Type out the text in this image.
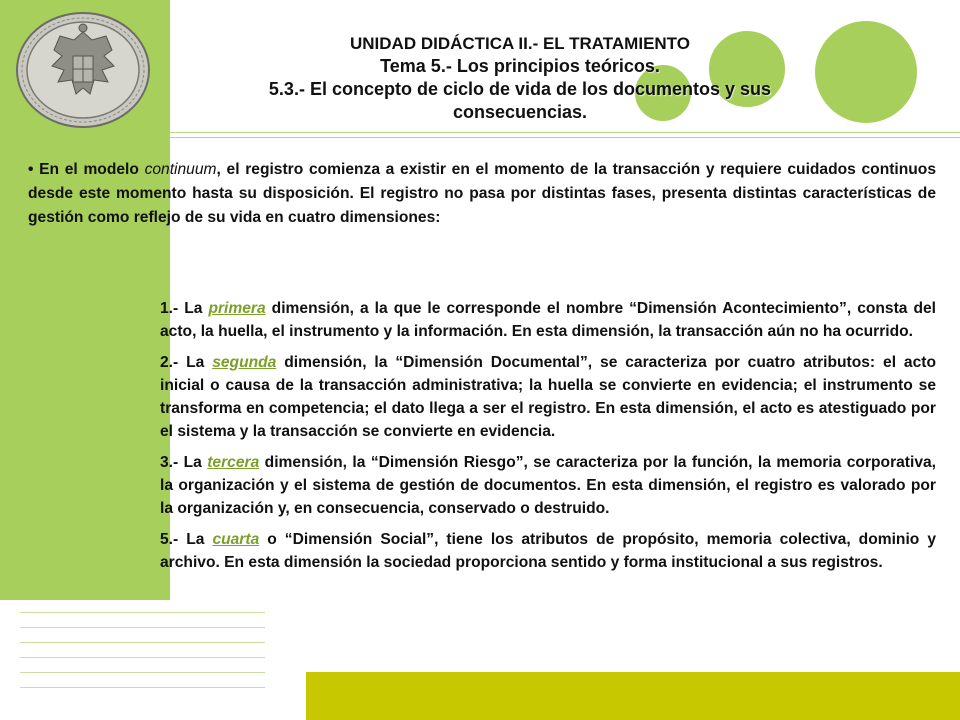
UNIDAD DIDÁCTICA II.- EL TRATAMIENTO
Tema 5.- Los principios teóricos.
5.3.- El concepto de ciclo de vida de los documentos y sus consecuencias.

• En el modelo continuum, el registro comienza a existir en el momento de la transacción y requiere cuidados continuos desde este momento hasta su disposición. El registro no pasa por distintas fases, presenta distintas características de gestión como reflejo de su vida en cuatro dimensiones:

1.- La primera dimensión, a la que le corresponde el nombre “Dimensión Acontecimiento”, consta del acto, la huella, el instrumento y la información. En esta dimensión, la transacción aún no ha ocurrido.
2.- La segunda dimensión, la “Dimensión Documental”, se caracteriza por cuatro atributos: el acto inicial o causa de la transacción administrativa; la huella se convierte en evidencia; el instrumento se transforma en competencia; el dato llega a ser el registro. En esta dimensión, el acto es atestiguado por el sistema y la transacción se convierte en evidencia.
3.- La tercera dimensión, la “Dimensión Riesgo”, se caracteriza por la función, la memoria corporativa, la organización y el sistema de gestión de documentos. En esta dimensión, el registro es valorado por la organización y, en consecuencia, conservado o destruido.
5.- La cuarta o “Dimensión Social”, tiene los atributos de propósito, memoria colectiva, dominio y archivo. En esta dimensión la sociedad proporciona sentido y forma institucional a sus registros.
